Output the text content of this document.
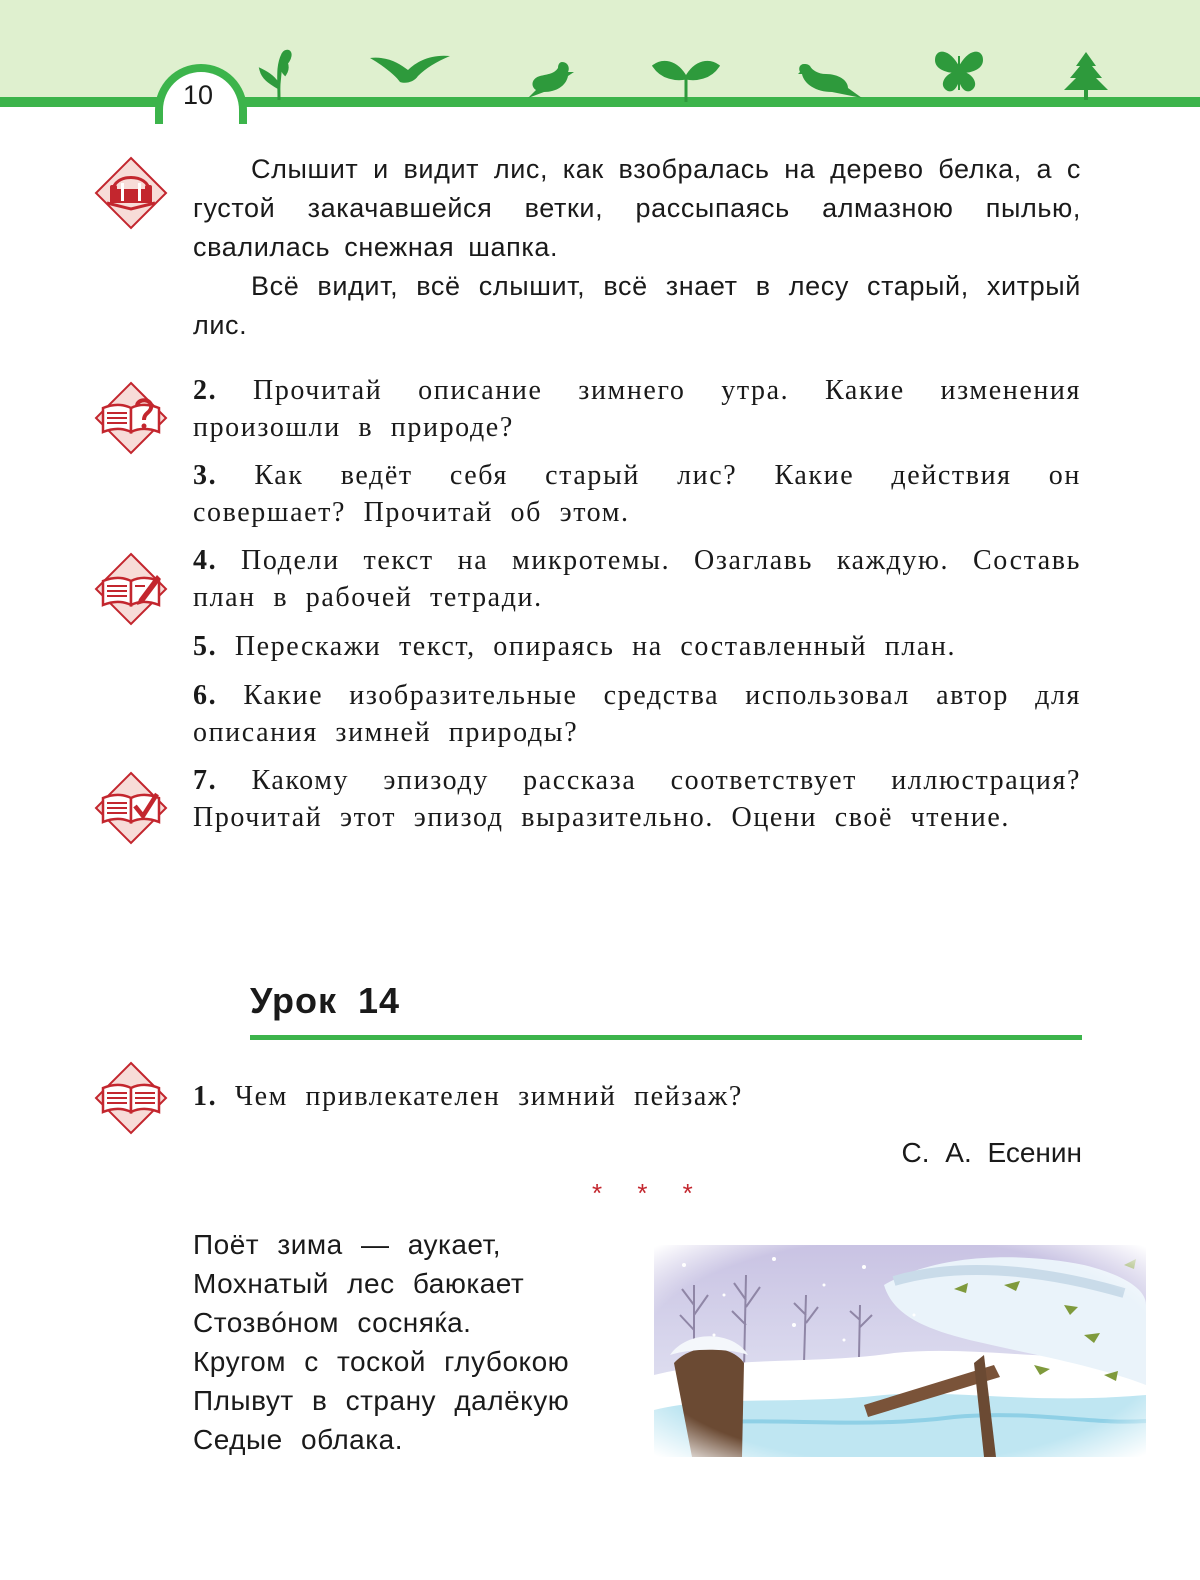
10
Слышит и видит лис, как взобралась на дерево белка, а с густой закачавшейся ветки, рассыпаясь алмазною пылью, свалилась снежная шапка.
Всё видит, всё слышит, всё знает в лесу старый, хитрый лис.
2. Прочитай описание зимнего утра. Какие изменения произошли в природе?
3. Как ведёт себя старый лис? Какие действия он совершает? Прочитай об этом.
4. Подели текст на микротемы. Озаглавь каждую. Составь план в рабочей тетради.
5. Перескажи текст, опираясь на составленный план.
6. Какие изобразительные средства использовал автор для описания зимней природы?
7. Какому эпизоду рассказа соответствует иллюстрация? Прочитай этот эпизод выразительно. Оцени своё чтение.
Урок 14
1. Чем привлекателен зимний пейзаж?
С. А. Есенин
* * *
Поёт зима — аукает,
Мохнатый лес баюкает
Стозвóном сосняќа.
Кругом с тоской глубокою
Плывут в страну далёкую
Седые облака.
